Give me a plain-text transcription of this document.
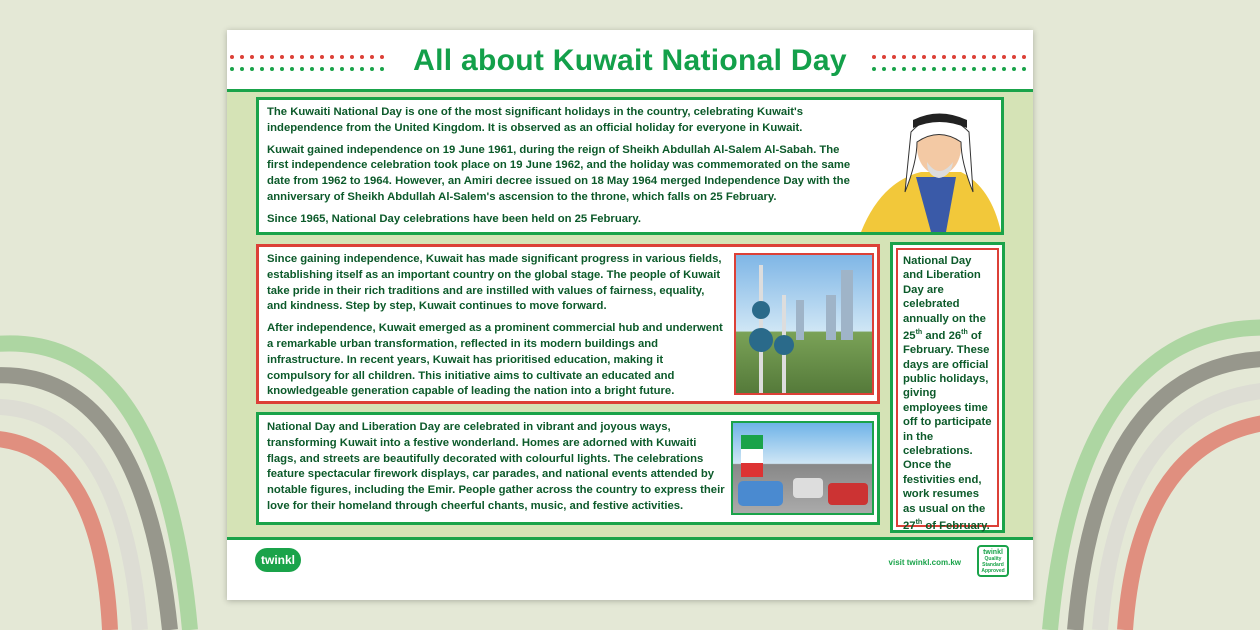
All about Kuwait National Day

The Kuwaiti National Day is one of the most significant holidays in the country, celebrating Kuwait's independence from the United Kingdom. It is observed as an official holiday for everyone in Kuwait.

Kuwait gained independence on 19 June 1961, during the reign of Sheikh Abdullah Al-Salem Al-Sabah. The first independence celebration took place on 19 June 1962, and the holiday was commemorated on the same date from 1962 to 1964. However, an Amiri decree issued on 18 May 1964 merged Independence Day with the anniversary of Sheikh Abdullah Al-Salem's ascension to the throne, which falls on 25 February.

Since 1965, National Day celebrations have been held on 25 February.

Since gaining independence, Kuwait has made significant progress in various fields, establishing itself as an important country on the global stage. The people of Kuwait take pride in their rich traditions and are instilled with values of fairness, equality, and kindness. Step by step, Kuwait continues to move forward.

After independence, Kuwait emerged as a prominent commercial hub and underwent a remarkable urban transformation, reflected in its modern buildings and infrastructure. In recent years, Kuwait has prioritised education, making it compulsory for all children. This initiative aims to cultivate an educated and knowledgeable generation capable of leading the nation into a bright future.

National Day and Liberation Day are celebrated in vibrant and joyous ways, transforming Kuwait into a festive wonderland. Homes are adorned with Kuwaiti flags, and streets are beautifully decorated with colourful lights. The celebrations feature spectacular firework displays, car parades, and national events attended by notable figures, including the Emir. People gather across the country to express their love for their homeland through cheerful chants, music, and festive activities.

National Day and Liberation Day are celebrated annually on the 25th and 26th of February. These days are official public holidays, giving employees time off to participate in the celebrations. Once the festivities end, work resumes as usual on the 27th of February.
twinkl	visit twinkl.com.kw
twinkl
Quality Standard Approved
